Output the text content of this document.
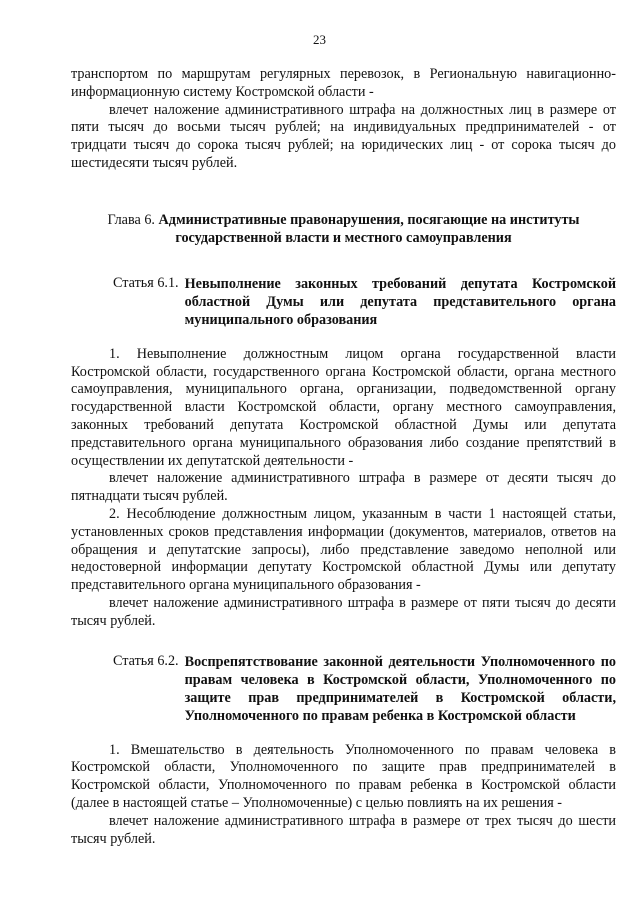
23

транспортом по маршрутам регулярных перевозок, в Региональную навигационно-информационную систему Костромской области -

влечет наложение административного штрафа на должностных лиц в размере от пяти тысяч до восьми тысяч рублей; на индивидуальных предпринимателей - от тридцати тысяч до сорока тысяч рублей; на юридических лиц - от сорока тысяч до шестидесяти тысяч рублей.

Глава 6. Административные правонарушения, посягающие на институты государственной власти и местного самоуправления
Статья 6.1. Невыполнение законных требований депутата Костромской областной Думы или депутата представительного органа муниципального образования

1. Невыполнение должностным лицом органа государственной власти Костромской области, государственного органа Костромской области, органа местного самоуправления, муниципального органа, организации, подведомственной органу государственной власти Костромской области, органу местного самоуправления, законных требований депутата Костромской областной Думы или депутата представительного органа муниципального образования либо создание препятствий в осуществлении их депутатской деятельности -

влечет наложение административного штрафа в размере от десяти тысяч до пятнадцати тысяч рублей.

2. Несоблюдение должностным лицом, указанным в части 1 настоящей статьи, установленных сроков представления информации (документов, материалов, ответов на обращения и депутатские запросы), либо представление заведомо неполной или недостоверной информации депутату Костромской областной Думы или депутату представительного органа муниципального образования -

влечет наложение административного штрафа в размере от пяти тысяч до десяти тысяч рублей.

Статья 6.2. Воспрепятствование законной деятельности Уполномоченного по правам человека в Костромской области, Уполномоченного по защите прав предпринимателей в Костромской области, Уполномоченного по правам ребенка в Костромской области

1. Вмешательство в деятельность Уполномоченного по правам человека в Костромской области, Уполномоченного по защите прав предпринимателей в Костромской области, Уполномоченного по правам ребенка в Костромской области (далее в настоящей статье – Уполномоченные) с целью повлиять на их решения -

влечет наложение административного штрафа в размере от трех тысяч до шести тысяч рублей.
